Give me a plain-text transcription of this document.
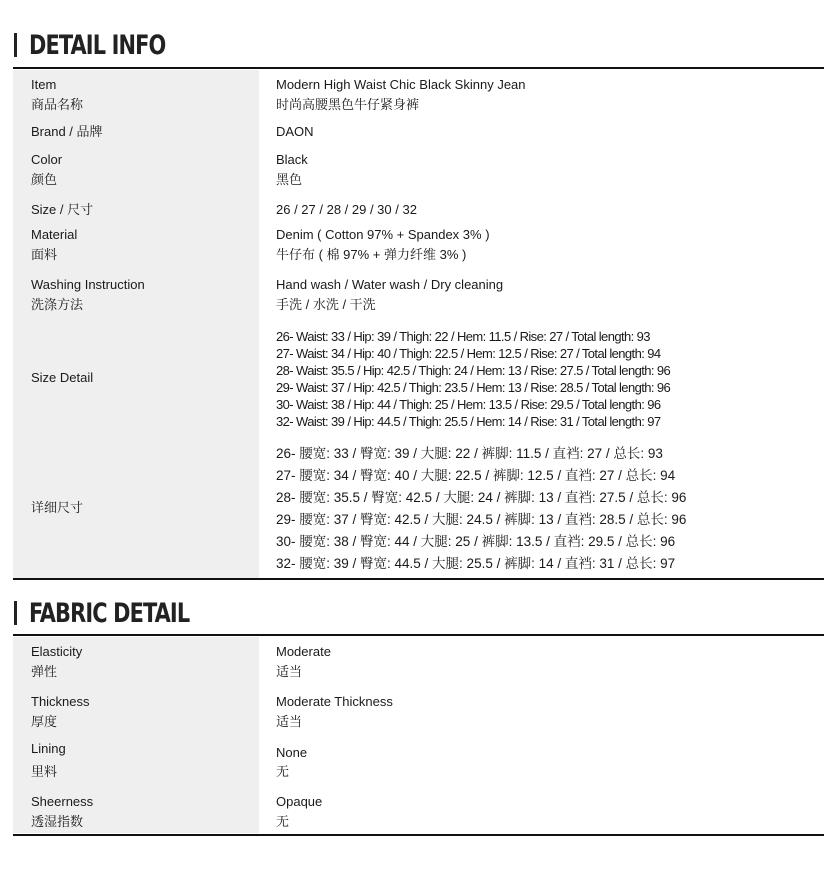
DETAIL INFO
Item
商品名称
Modern High Waist Chic Black Skinny Jean
时尚高腰黑色牛仔紧身裤
Brand / 品牌	DAON
Color
颜色
Black
黑色
Size / 尺寸	26 / 27 / 28 / 29 / 30 / 32
Material
面料
Denim ( Cotton 97% + Spandex 3% )
牛仔布 ( 棉 97% + 弹力纤维 3% )
Washing Instruction
洗涤方法
Hand wash / Water wash / Dry cleaning
手洗 / 水洗 / 干洗
Size Detail
26- Waist: 33 / Hip: 39 / Thigh: 22 / Hem: 11.5 / Rise: 27 / Total length: 93
27- Waist: 34 / Hip: 40 / Thigh: 22.5 / Hem: 12.5 / Rise: 27 / Total length: 94
28- Waist: 35.5 / Hip: 42.5 / Thigh: 24 / Hem: 13 / Rise: 27.5 / Total length: 96
29- Waist: 37 / Hip: 42.5 / Thigh: 23.5 / Hem: 13 / Rise: 28.5 / Total length: 96
30- Waist: 38 / Hip: 44 / Thigh: 25 / Hem: 13.5 / Rise: 29.5 / Total length: 96
32- Waist: 39 / Hip: 44.5 / Thigh: 25.5 / Hem: 14 / Rise: 31 / Total length: 97
详细尺寸
26- 腰宽: 33 / 臀宽: 39 / 大腿: 22 / 裤脚: 11.5 / 直裆: 27 / 总长: 93
27- 腰宽: 34 / 臀宽: 40 / 大腿: 22.5 / 裤脚: 12.5 / 直裆: 27 / 总长: 94
28- 腰宽: 35.5 / 臀宽: 42.5 / 大腿: 24 / 裤脚: 13 / 直裆: 27.5 / 总长: 96
29- 腰宽: 37 / 臀宽: 42.5 / 大腿: 24.5 / 裤脚: 13 / 直裆: 28.5 / 总长: 96
30- 腰宽: 38 / 臀宽: 44 / 大腿: 25 / 裤脚: 13.5 / 直裆: 29.5 / 总长: 96
32- 腰宽: 39 / 臀宽: 44.5 / 大腿: 25.5 / 裤脚: 14 / 直裆: 31 / 总长: 97
FABRIC DETAIL
Elasticity
弹性
Moderate
适当
Thickness
厚度
Moderate Thickness
适当
Lining
里料
None
无
Sheerness
透湿指数
Opaque
无
